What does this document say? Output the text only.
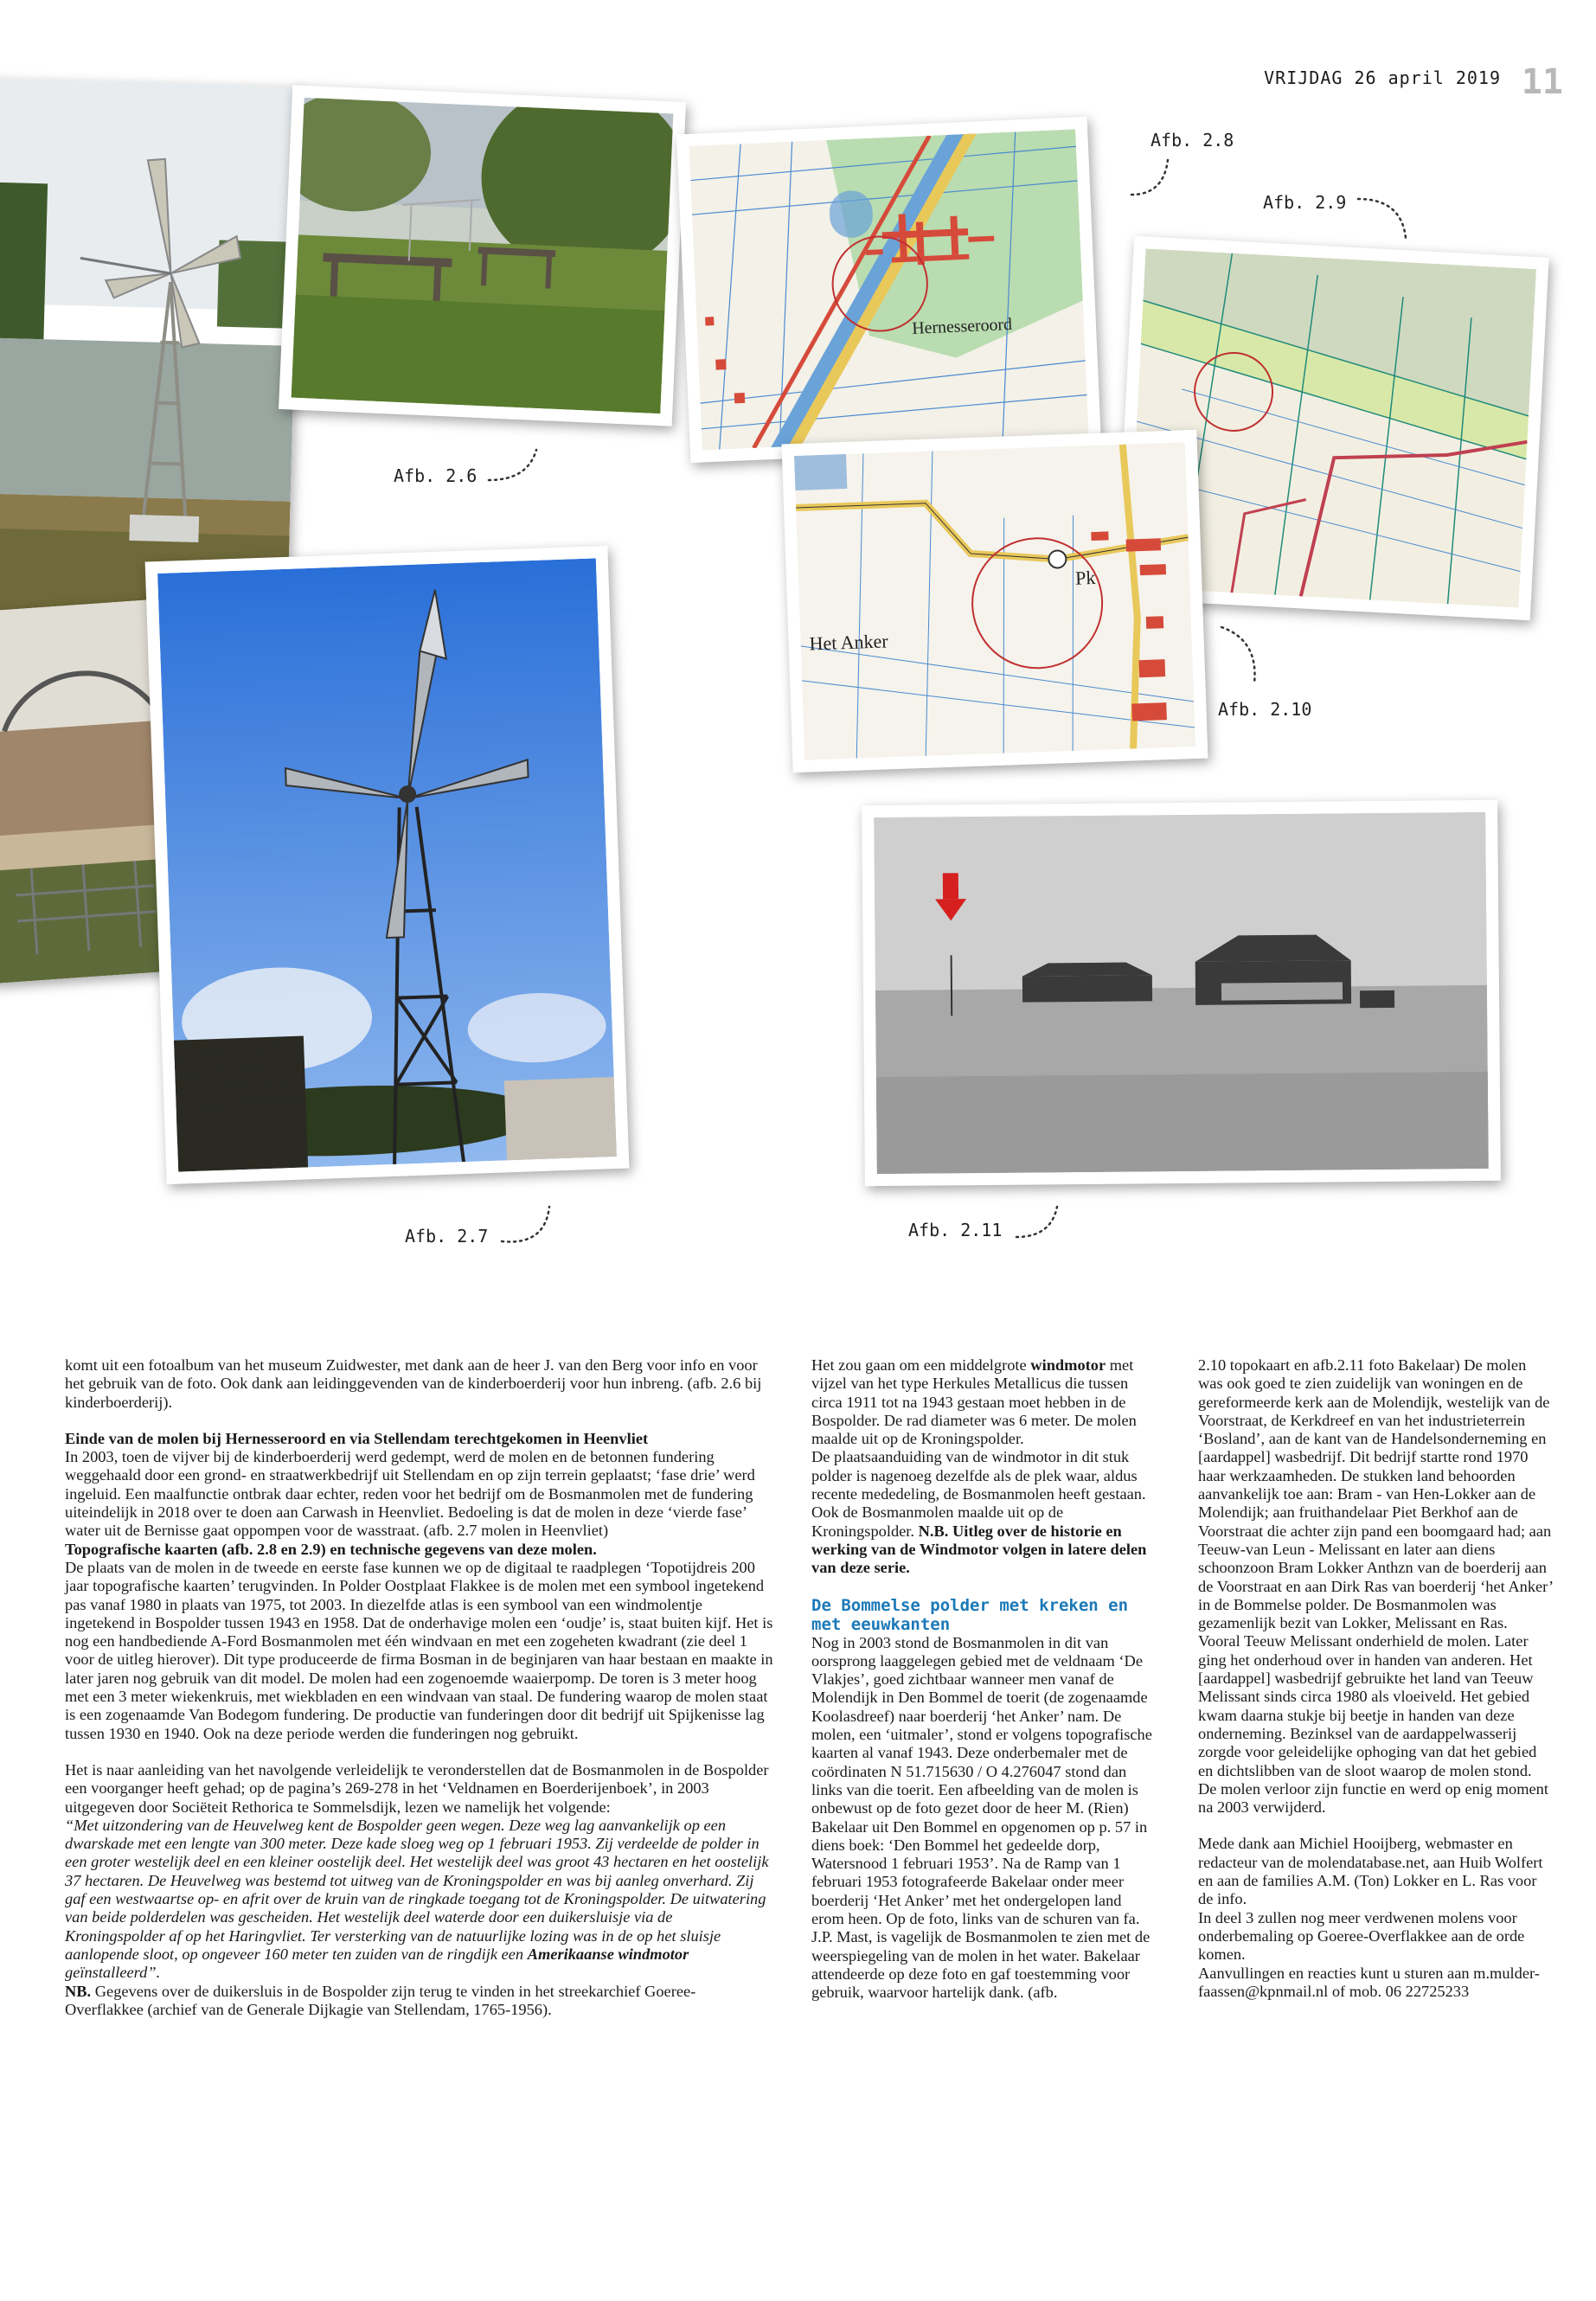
VRIJDAG 26 april 2019 11
Hernesseroord
Pk
Het Anker
Afb. 2.6
Afb. 2.7
Afb. 2.8
Afb. 2.9
Afb. 2.10
Afb. 2.11

komt uit een fotoalbum van het museum Zuidwester, met dank aan de heer J. van den Berg voor info en voor het gebruik van de foto. Ook dank aan leidinggevenden van de kinderboerderij voor hun inbreng. (afb. 2.6 bij kinderboerderij).

Einde van de molen bij Hernesseroord en via Stellendam terechtgekomen in Heenvliet

In 2003, toen de vijver bij de kinderboerderij werd gedempt, werd de molen en de betonnen fundering weggehaald door een grond- en straatwerkbedrijf uit Stellendam en op zijn terrein geplaatst; ‘fase drie’ werd ingeluid. Een maalfunctie ontbrak daar echter, reden voor het bedrijf om de Bosmanmolen met de fundering uiteindelijk in 2018 over te doen aan Carwash in Heenvliet. Bedoeling is dat de molen in deze ‘vierde fase’ water uit de Bernisse gaat oppompen voor de wasstraat. (afb. 2.7 molen in Heenvliet)

Topografische kaarten (afb. 2.8 en 2.9) en technische gegevens van deze molen.

De plaats van de molen in de tweede en eerste fase kunnen we op de digitaal te raadplegen ‘Topotijdreis 200 jaar topografische kaarten’ terugvinden. In Polder Oostplaat Flakkee is de molen met een symbool ingetekend pas vanaf 1980 in plaats van 1975, tot 2003. In diezelfde atlas is een symbool van een windmolentje ingetekend in Bospolder tussen 1943 en 1958. Dat de onderhavige molen een ‘oudje’ is, staat buiten kijf. Het is nog een handbediende A-Ford Bosmanmolen met één windvaan en met een zogeheten kwadrant (zie deel 1 voor de uitleg hierover). Dit type produceerde de firma Bosman in de beginjaren van haar bestaan en maakte in later jaren nog gebruik van dit model. De molen had een zogenoemde waaierpomp. De toren is 3 meter hoog met een 3 meter wiekenkruis, met wiekbladen en een windvaan van staal. De fundering waarop de molen staat is een zogenaamde Van Bodegom fundering. De productie van funderingen door dit bedrijf uit Spijkenisse lag tussen 1930 en 1940. Ook na deze periode werden die funderingen nog gebruikt.

Het is naar aanleiding van het navolgende verleidelijk te veronderstellen dat de Bosmanmolen in de Bospolder een voorganger heeft gehad; op de pagina’s 269-278 in het ‘Veldnamen en Boerderijenboek’, in 2003 uitgegeven door Sociëteit Rethorica te Sommelsdijk, lezen we namelijk het volgende:

“Met uitzondering van de Heuvelweg kent de Bospolder geen wegen. Deze weg lag aanvankelijk op een dwarskade met een lengte van 300 meter. Deze kade sloeg weg op 1 februari 1953. Zij verdeelde de polder in een groter westelijk deel en een kleiner oostelijk deel. Het westelijk deel was groot 43 hectaren en het oostelijk 37 hectaren. De Heuvelweg was bestemd tot uitweg van de Kroningspolder en was bij aanleg onverhard. Zij gaf een westwaartse op- en afrit over de kruin van de ringkade toegang tot de Kroningspolder. De uitwatering van beide polderdelen was gescheiden. Het westelijk deel waterde door een duikersluisje via de Kroningspolder af op het Haringvliet. Ter versterking van de natuurlijke lozing was in de op het sluisje aanlopende sloot, op ongeveer 160 meter ten zuiden van de ringdijk een Amerikaanse windmotor geïnstalleerd”.

NB. Gegevens over de duikersluis in de Bospolder zijn terug te vinden in het streekarchief Goeree-Overflakkee (archief van de Generale Dijkagie van Stellendam, 1765-1956).

Het zou gaan om een middelgrote windmotor met vijzel van het type Herkules Metallicus die tussen circa 1911 tot na 1943 gestaan moet hebben in de Bospolder. De rad diameter was 6 meter. De molen maalde uit op de Kroningspolder.

De plaatsaanduiding van de windmotor in dit stuk polder is nagenoeg dezelfde als de plek waar, aldus recente mededeling, de Bosmanmolen heeft gestaan. Ook de Bosmanmolen maalde uit op de Kroningspolder. N.B. Uitleg over de historie en werking van de Windmotor volgen in latere delen van deze serie.

De Bommelse polder met kreken en met eeuwkanten

Nog in 2003 stond de Bosmanmolen in dit van oorsprong laaggelegen gebied met de veldnaam ‘De Vlakjes’, goed zichtbaar wanneer men vanaf de Molendijk in Den Bommel de toerit (de zogenaamde Koolasdreef) naar boerderij ‘het Anker’ nam. De molen, een ‘uitmaler’, stond er volgens topografische kaarten al vanaf 1943. Deze onderbemaler met de coördinaten N 51.715630 / O 4.276047 stond dan links van die toerit. Een afbeelding van de molen is onbewust op de foto gezet door de heer M. (Rien) Bakelaar uit Den Bommel en opgenomen op p. 57 in diens boek: ‘Den Bommel het gedeelde dorp, Watersnood 1 februari 1953’. Na de Ramp van 1 februari 1953 fotografeerde Bakelaar onder meer boerderij ‘Het Anker’ met het ondergelopen land erom heen. Op de foto, links van de schuren van fa. J.P. Mast, is vagelijk de Bosmanmolen te zien met de weerspiegeling van de molen in het water. Bakelaar attendeerde op deze foto en gaf toestemming voor gebruik, waarvoor hartelijk dank. (afb.

2.10 topokaart en afb.2.11 foto Bakelaar) De molen was ook goed te zien zuidelijk van woningen en de gereformeerde kerk aan de Molendijk, westelijk van de Voorstraat, de Kerkdreef en van het industrieterrein ‘Bosland’, aan de kant van de Handelsonderneming en [aardappel] wasbedrijf. Dit bedrijf startte rond 1970 haar werkzaamheden. De stukken land behoorden aanvankelijk toe aan: Bram - van Hen-Lokker aan de Molendijk; aan fruithandelaar Piet Berkhof aan de Voorstraat die achter zijn pand een boomgaard had; aan Teeuw-van Leun - Melissant en later aan diens schoonzoon Bram Lokker Anthzn van de boerderij aan de Voorstraat en aan Dirk Ras van boerderij ‘het Anker’ in de Bommelse polder. De Bosmanmolen was gezamenlijk bezit van Lokker, Melissant en Ras. Vooral Teeuw Melissant onderhield de molen. Later ging het onderhoud over in handen van anderen. Het [aardappel] wasbedrijf gebruikte het land van Teeuw Melissant sinds circa 1980 als vloeiveld. Het gebied kwam daarna stukje bij beetje in handen van deze onderneming. Bezinksel van de aardappelwasserij zorgde voor geleidelijke ophoging van dat het gebied en dichtslibben van de sloot waarop de molen stond. De molen verloor zijn functie en werd op enig moment na 2003 verwijderd.

Mede dank aan Michiel Hooijberg, webmaster en redacteur van de molendatabase.net, aan Huib Wolfert en aan de families A.M. (Ton) Lokker en L. Ras voor de info.

In deel 3 zullen nog meer verdwenen molens voor onderbemaling op Goeree-Overflakkee aan de orde komen.

Aanvullingen en reacties kunt u sturen aan m.mulder-faassen@kpnmail.nl of mob. 06 22725233
